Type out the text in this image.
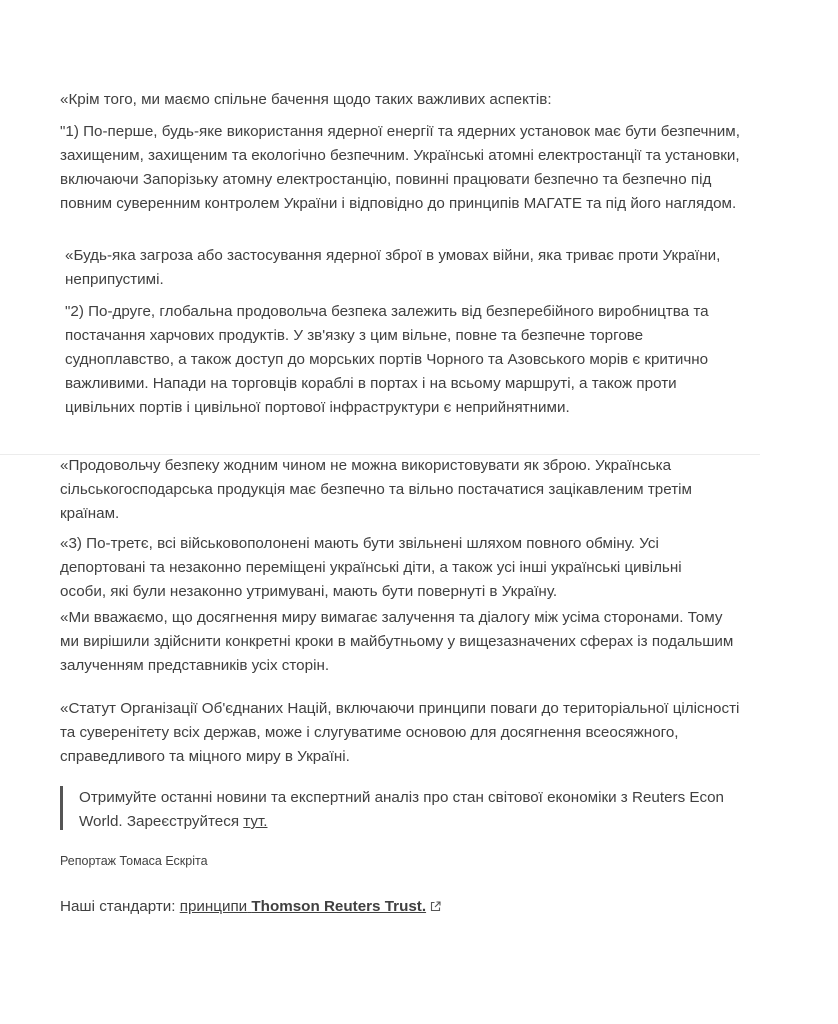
«Крім того, ми маємо спільне бачення щодо таких важливих аспектів:

"1) По-перше, будь-яке використання ядерної енергії та ядерних установок має бути безпечним, захищеним, захищеним та екологічно безпечним. Українські атомні електростанції та установки, включаючи Запорізьку атомну електростанцію, повинні працювати безпечно та безпечно під повним суверенним контролем України і відповідно до принципів МАГАТЕ та під його наглядом.

«Будь-яка загроза або застосування ядерної зброї в умовах війни, яка триває проти України, неприпустимі.

"2) По-друге, глобальна продовольча безпека залежить від безперебійного виробництва та постачання харчових продуктів. У зв'язку з цим вільне, повне та безпечне торгове судноплавство, а також доступ до морських портів Чорного та Азовського морів є критично важливими. Напади на торговців кораблі в портах і на всьому маршруті, а також проти цивільних портів і цивільної портової інфраструктури є неприйнятними.

«Продовольчу безпеку жодним чином не можна використовувати як зброю. Українська сільськогосподарська продукція має безпечно та вільно постачатися зацікавленим третім країнам.

«3) По-третє, всі військовополонені мають бути звільнені шляхом повного обміну. Усі депортовані та незаконно переміщені українські діти, а також усі інші українські цивільні особи, які були незаконно утримувані, мають бути повернуті в Україну.

«Ми вважаємо, що досягнення миру вимагає залучення та діалогу між усіма сторонами. Тому ми вирішили здійснити конкретні кроки в майбутньому у вищезазначених сферах із подальшим залученням представників усіх сторін.

«Статут Організації Об'єднаних Націй, включаючи принципи поваги до територіальної цілісності та суверенітету всіх держав, може і слугуватиме основою для досягнення всеосяжного, справедливого та міцного миру в Україні.

Отримуйте останні новини та експертний аналіз про стан світової економіки з Reuters Econ World. Зареєструйтеся тут.

Репортаж Томаса Ескріта

Наші стандарти: принципи Thomson Reuters Trust.
